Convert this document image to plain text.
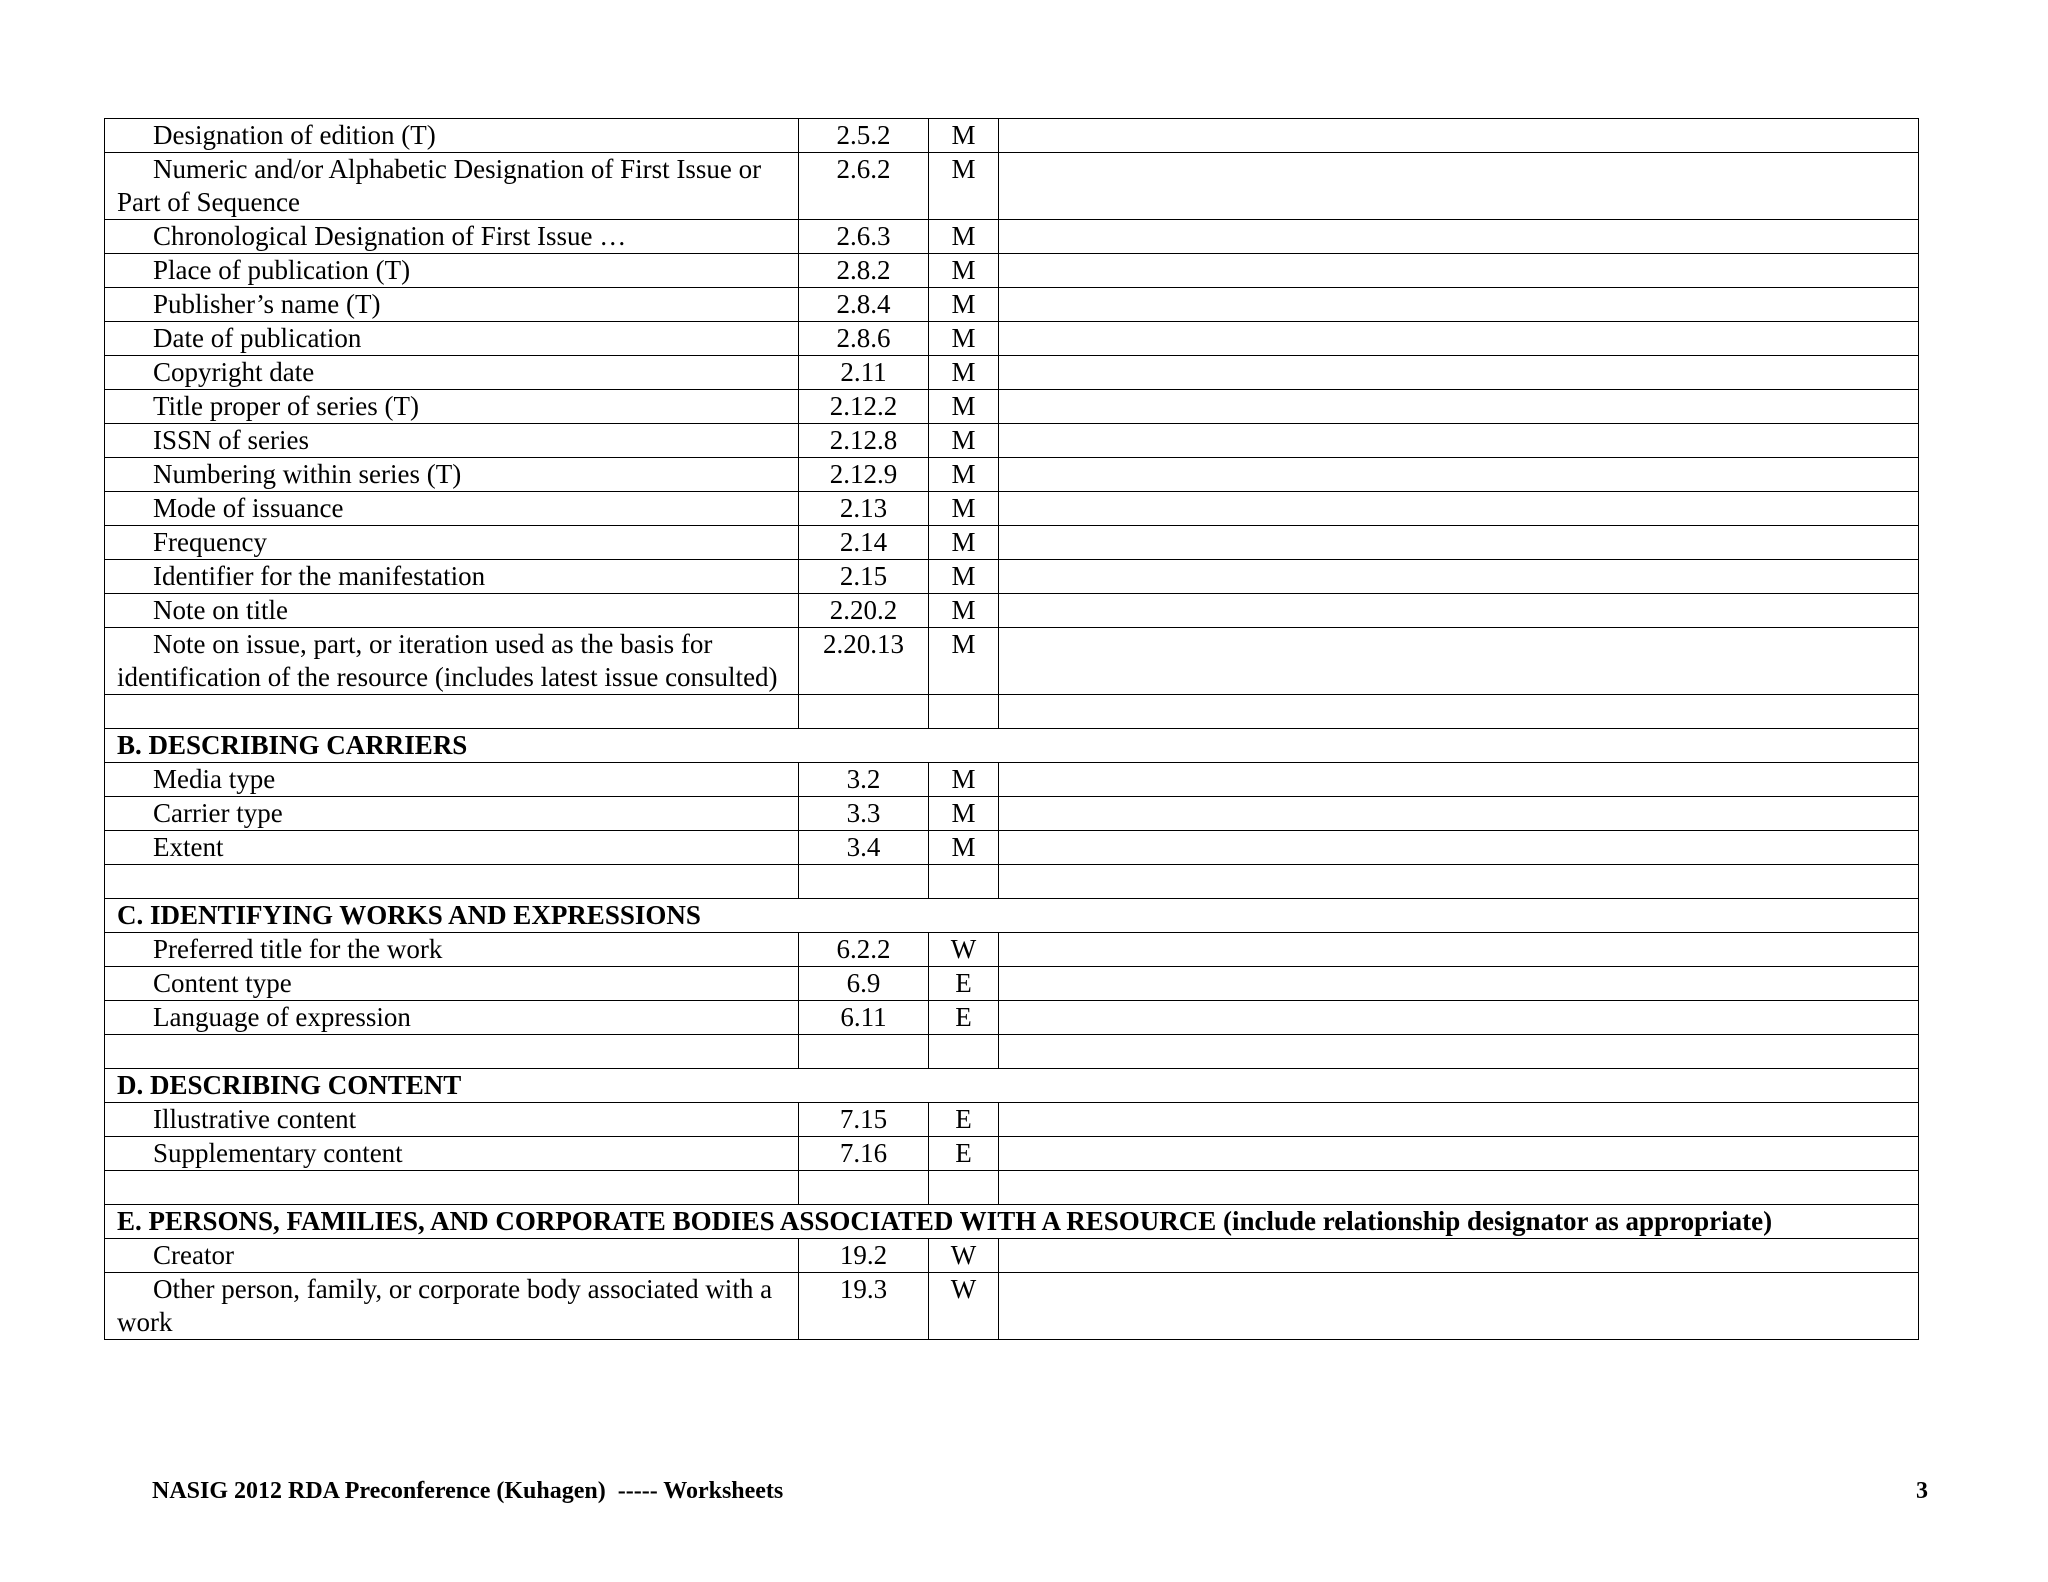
Designation of edition (T)	2.5.2	M	
Numeric and/or Alphabetic Designation of First Issue or Part of Sequence	2.6.2	M	
Chronological Designation of First Issue …	2.6.3	M	
Place of publication (T)	2.8.2	M	
Publisher’s name (T)	2.8.4	M	
Date of publication	2.8.6	M	
Copyright date	2.11	M	
Title proper of series (T)	2.12.2	M	
ISSN of series	2.12.8	M	
Numbering within series (T)	2.12.9	M	
Mode of issuance	2.13	M	
Frequency	2.14	M	
Identifier for the manifestation	2.15	M	
Note on title	2.20.2	M	
Note on issue, part, or iteration used as the basis for identification of the resource (includes latest issue consulted)	2.20.13	M	

B. DESCRIBING CARRIERS			
Media type	3.2	M	
Carrier type	3.3	M	
Extent	3.4	M	

C. IDENTIFYING WORKS AND EXPRESSIONS			
Preferred title for the work	6.2.2	W	
Content type	6.9	E	
Language of expression	6.11	E	

D. DESCRIBING CONTENT			
Illustrative content	7.15	E	
Supplementary content	7.16	E	

E. PERSONS, FAMILIES, AND CORPORATE BODIES ASSOCIATED WITH A RESOURCE (include relationship designator as appropriate)			
Creator	19.2	W	
Other person, family, or corporate body associated with a work	19.3	W	
NASIG 2012 RDA Preconference (Kuhagen)  ----- Worksheets	3
